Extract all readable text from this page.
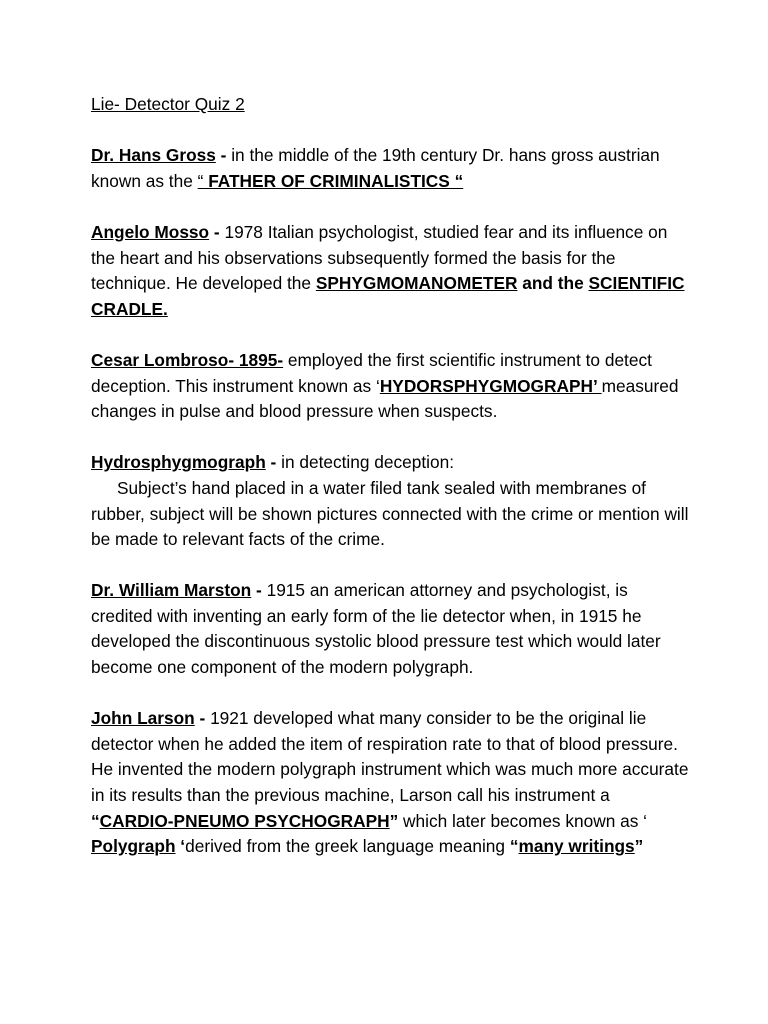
Lie- Detector Quiz 2

Dr. Hans Gross - in the middle of the 19th century Dr. hans gross austrian known as the “ FATHER OF CRIMINALISTICS “

Angelo Mosso - 1978 Italian psychologist, studied fear and its influence on the heart and his observations subsequently formed the basis for the technique. He developed the SPHYGMOMANOMETER and the SCIENTIFIC CRADLE.

Cesar Lombroso- 1895- employed the first scientific instrument to detect deception. This instrument known as ‘HYDORSPHYGMOGRAPH’ measured changes in pulse and blood pressure when suspects.

Hydrosphygmograph - in detecting deception:
Subject’s hand placed in a water filed tank sealed with membranes of rubber, subject will be shown pictures connected with the crime or mention will be made to relevant facts of the crime.

Dr. William Marston - 1915 an american attorney and psychologist, is credited with inventing an early form of the lie detector when, in 1915 he developed the discontinuous systolic blood pressure test which would later become one component of the modern polygraph.

John Larson - 1921 developed what many consider to be the original lie detector when he added the item of respiration rate to that of blood pressure. He invented the modern polygraph instrument which was much more accurate in its results than the previous machine, Larson call his instrument a “CARDIO-PNEUMO PSYCHOGRAPH” which later becomes known as ‘ Polygraph ‘derived from the greek language meaning “many writings”
